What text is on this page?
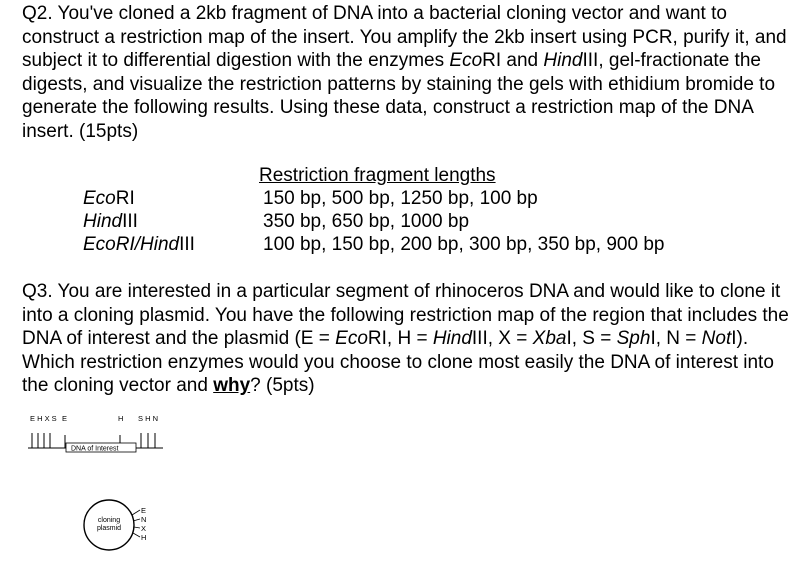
Q2. You've cloned a 2kb fragment of DNA into a bacterial cloning vector and want to construct a restriction map of the insert. You amplify the 2kb insert using PCR, purify it, and subject it to differential digestion with the enzymes EcoRI and HindIII, gel-fractionate the digests, and visualize the restriction patterns by staining the gels with ethidium bromide to generate the following results. Using these data, construct a restriction map of the DNA insert. (15pts)

EcoRI
HindIII
EcoRI/HindIII
Restriction fragment lengths
150 bp, 500 bp, 1250 bp, 100 bp
350 bp, 650 bp, 1000 bp
100 bp, 150 bp, 200 bp, 300 bp, 350 bp, 900 bp

Q3. You are interested in a particular segment of rhinoceros DNA and would like to clone it into a cloning plasmid. You have the following restriction map of the region that includes the DNA of interest and the plasmid (E = EcoRI, H = HindIII, X = XbaI, S = SphI, N = NotI). Which restriction enzymes would you choose to clone most easily the DNA of interest into the cloning vector and why? (5pts)

E H X S E	H S H N
DNA of Interest
cloning
plasmid
E
N
X
H
